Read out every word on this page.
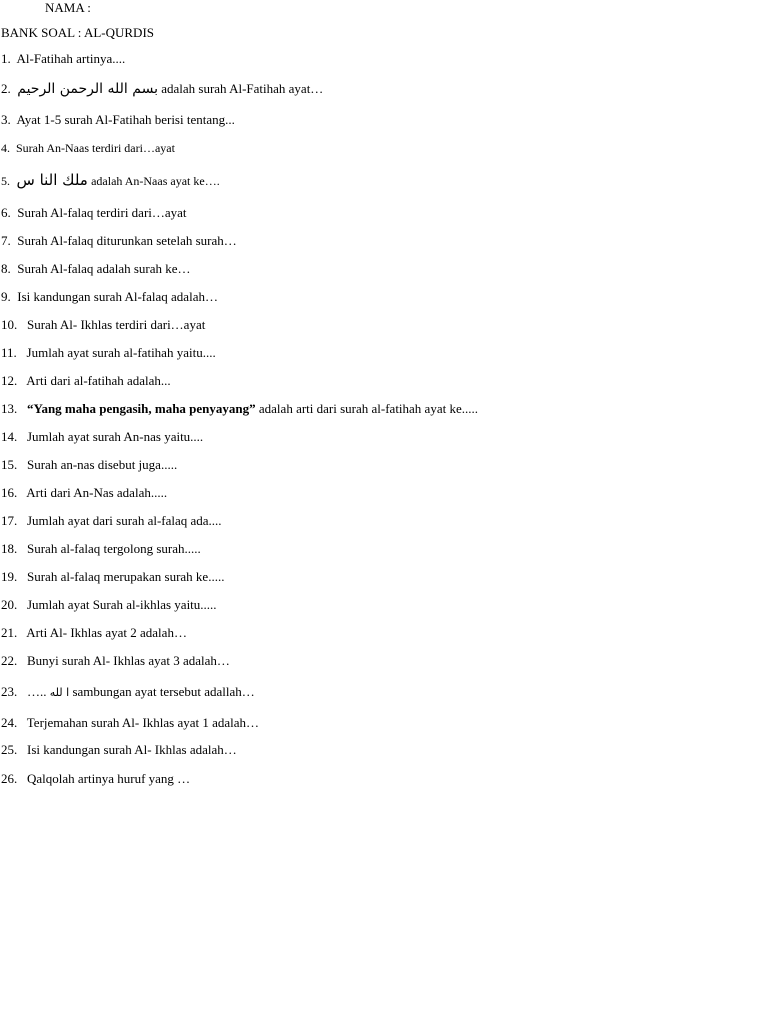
NAMA :
BANK SOAL : AL-QURDIS
1. Al-Fatihah artinya....
2. بسم الله الرحمن الرحيم adalah surah Al-Fatihah ayat…
3. Ayat 1-5 surah Al-Fatihah berisi tentang...
4. Surah An-Naas terdiri dari…ayat
5. ملك النا س adalah An-Naas ayat ke….
6. Surah Al-falaq terdiri dari…ayat
7. Surah Al-falaq diturunkan setelah surah…
8. Surah Al-falaq adalah surah ke…
9. Isi kandungan surah Al-falaq adalah…
10. Surah Al- Ikhlas terdiri dari…ayat
11. Jumlah ayat surah al-fatihah yaitu....
12. Arti dari al-fatihah adalah...
13. “Yang maha pengasih, maha penyayang” adalah arti dari surah al-fatihah ayat ke.....
14. Jumlah ayat surah An-nas yaitu....
15. Surah an-nas disebut juga.....
16. Arti dari An-Nas adalah.....
17. Jumlah ayat dari surah al-falaq ada....
18. Surah al-falaq tergolong surah.....
19. Surah al-falaq merupakan surah ke.....
20. Jumlah ayat Surah al-ikhlas yaitu.....
21. Arti Al- Ikhlas ayat 2 adalah…
22. Bunyi surah Al- Ikhlas ayat 3 adalah…
23. ….. ا لله sambungan ayat tersebut adallah…
24. Terjemahan surah Al- Ikhlas ayat 1 adalah…
25. Isi kandungan surah Al- Ikhlas adalah…
26. Qalqolah artinya huruf yang …
